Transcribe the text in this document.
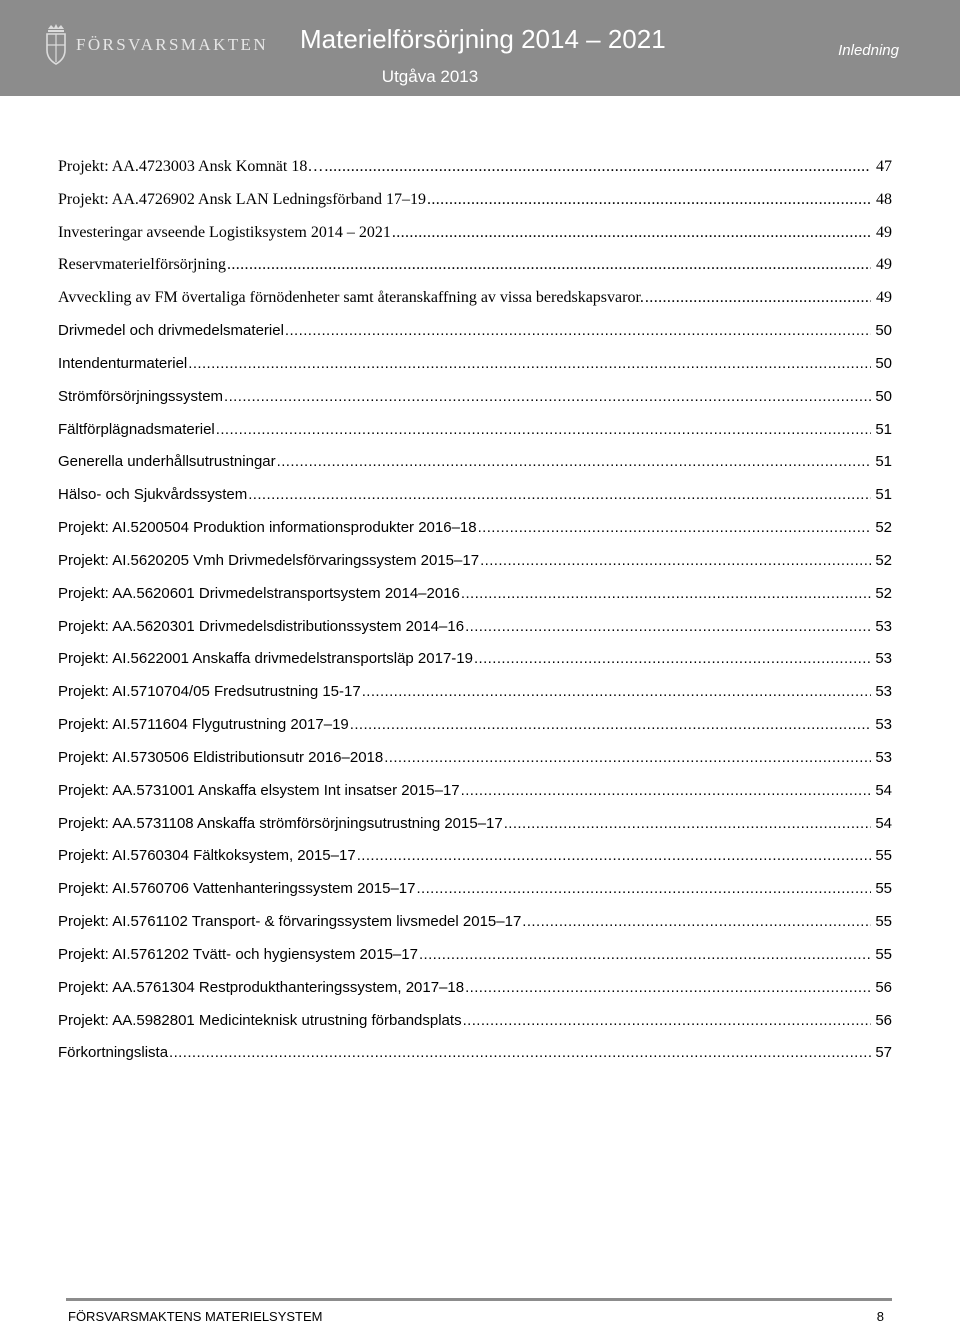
FÖRSVARSMAKTEN Materielförsörjning 2014 – 2021
Utgåva 2013
Inledning
Projekt: AA.4723003 Ansk Komnät 18… .....	47
Projekt: AA.4726902 Ansk LAN Ledningsförband 17–19 .....	48
Investeringar avseende Logistiksystem 2014 – 2021 .....	49
Reservmaterielförsörjning .....	49
Avveckling av FM övertaliga förnödenheter samt återanskaffning av vissa beredskapsvaror. .....	49
Drivmedel och drivmedelsmateriel .....	50
Intendenturmateriel .....	50
Strömförsörjningssystem .....	50
Fältförplägnadsmateriel .....	51
Generella underhållsutrustningar .....	51
Hälso- och Sjukvårdssystem .....	51
Projekt: AI.5200504 Produktion informationsprodukter 2016–18 .....	52
Projekt: AI.5620205 Vmh Drivmedelsförvaringssystem 2015–17 .....	52
Projekt: AA.5620601 Drivmedelstransportsystem 2014–2016 .....	52
Projekt: AA.5620301 Drivmedelsdistributionssystem 2014–16 .....	53
Projekt: AI.5622001 Anskaffa drivmedelstransportsläp 2017-19 .....	53
Projekt: AI.5710704/05 Fredsutrustning 15-17 .....	53
Projekt: AI.5711604 Flygutrustning 2017–19 .....	53
Projekt: AI.5730506 Eldistributionsutr 2016–2018 .....	53
Projekt: AA.5731001 Anskaffa elsystem Int insatser 2015–17 .....	54
Projekt: AA.5731108 Anskaffa strömförsörjningsutrustning 2015–17 .....	54
Projekt: AI.5760304 Fältkoksystem, 2015–17 .....	55
Projekt: AI.5760706 Vattenhanteringssystem 2015–17 .....	55
Projekt: AI.5761102 Transport- & förvaringssystem livsmedel 2015–17 .....	55
Projekt: AI.5761202 Tvätt- och hygiensystem 2015–17 .....	55
Projekt: AA.5761304 Restprodukthanteringssystem, 2017–18 .....	56
Projekt: AA.5982801 Medicinteknisk utrustning förbandsplats .....	56
Förkortningslista .....	57
FÖRSVARSMAKTENS MATERIELSYSTEM	8
